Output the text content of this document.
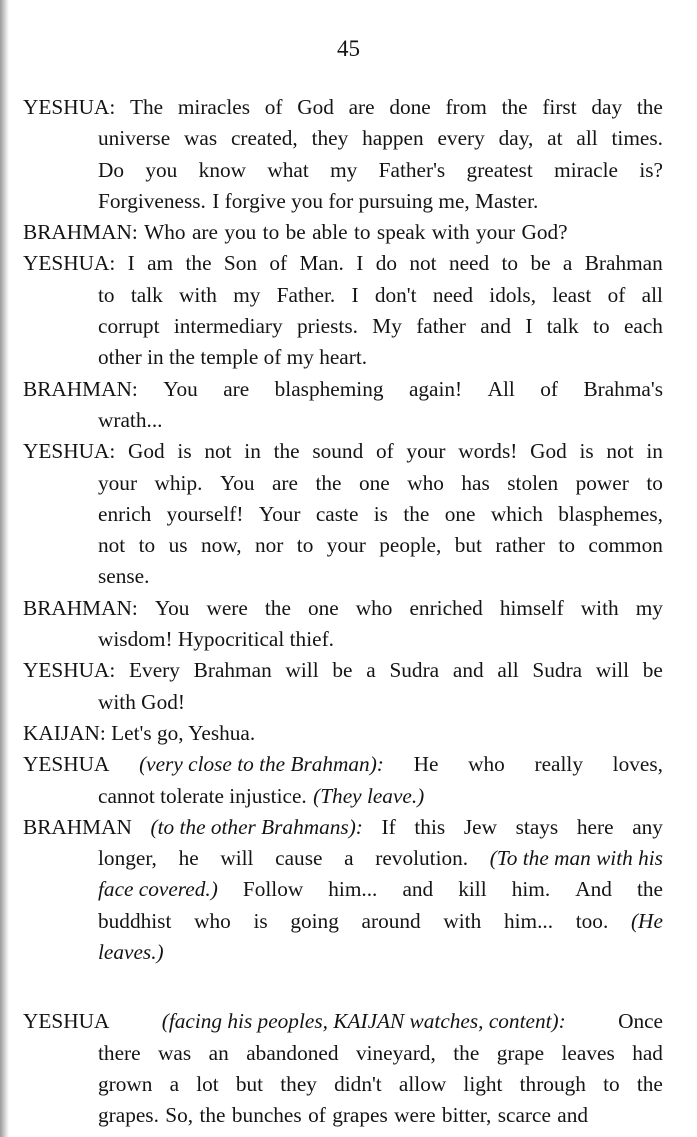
45
YESHUA: The miracles of God are done from the first day the
universe was created, they happen every day, at all times.
Do you know what my Father's greatest miracle is?
Forgiveness. I forgive you for pursuing me, Master.
BRAHMAN: Who are you to be able to speak with your God?
YESHUA: I am the Son of Man. I do not need to be a Brahman
to talk with my Father. I don't need idols, least of all
corrupt intermediary priests. My father and I talk to each
other in the temple of my heart.
BRAHMAN: You are blaspheming again! All of Brahma's
wrath...
YESHUA: God is not in the sound of your words! God is not in
your whip. You are the one who has stolen power to
enrich yourself! Your caste is the one which blasphemes,
not to us now, nor to your people, but rather to common
sense.
BRAHMAN: You were the one who enriched himself with my
wisdom! Hypocritical thief.
YESHUA: Every Brahman will be a Sudra and all Sudra will be
with God!
KAIJAN: Let's go, Yeshua.
YESHUA (very close to the Brahman): He who really loves,
cannot tolerate injustice. (They leave.)
BRAHMAN (to the other Brahmans): If this Jew stays here any
longer, he will cause a revolution. (To the man with his
face covered.) Follow him... and kill him. And the
buddhist who is going around with him... too. (He
leaves.)
YESHUA (facing his peoples, KAIJAN watches, content): Once
there was an abandoned vineyard, the grape leaves had
grown a lot but they didn't allow light through to the
grapes. So, the bunches of grapes were bitter, scarce and
